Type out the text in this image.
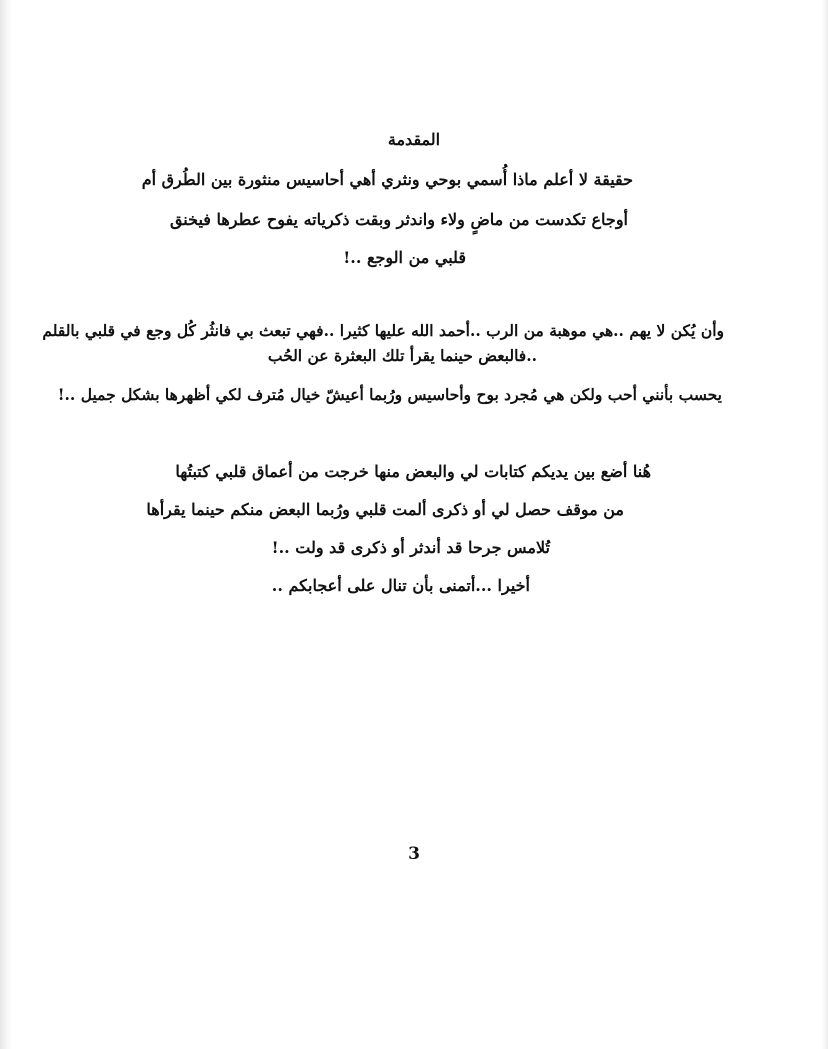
المقدمة
حقيقة لا أعلم ماذا أُسمي بوحي ونثري أهي أحاسيس منثورة بين الطُرق أم
أوجاع تكدست من ماضٍ ولاء واندثر وبقت ذكرياته يفوح عطرها فيخنق
قلبي من الوجع ..!
وأن يُكن لا يهم ..هي موهبة من الرب ..أحمد الله عليها كثيرا ..فهي تبعث بي فانثُر كُل وجع في قلبي بالقلم
..فالبعض حينما يقرأ تلك البعثرة عن الحُب
يحسب بأنني أحب ولكن هي مُجرد بوح وأحاسيس ورُبما أعيشّ خيال مُترف لكي أظهرها بشكل جميل ..!
هُنا أضع بين يديكم كتابات لي والبعض منها خرجت من أعماق قلبي كتبتُها
من موقف حصل لي أو ذكرى ألمت قلبي ورُبما البعض منكم حينما يقرأها
تُلامس جرحا قد أندثر أو ذكرى قد ولت ..!
أخيرا ...أتمنى بأن تنال على أعجابكم ..
3
